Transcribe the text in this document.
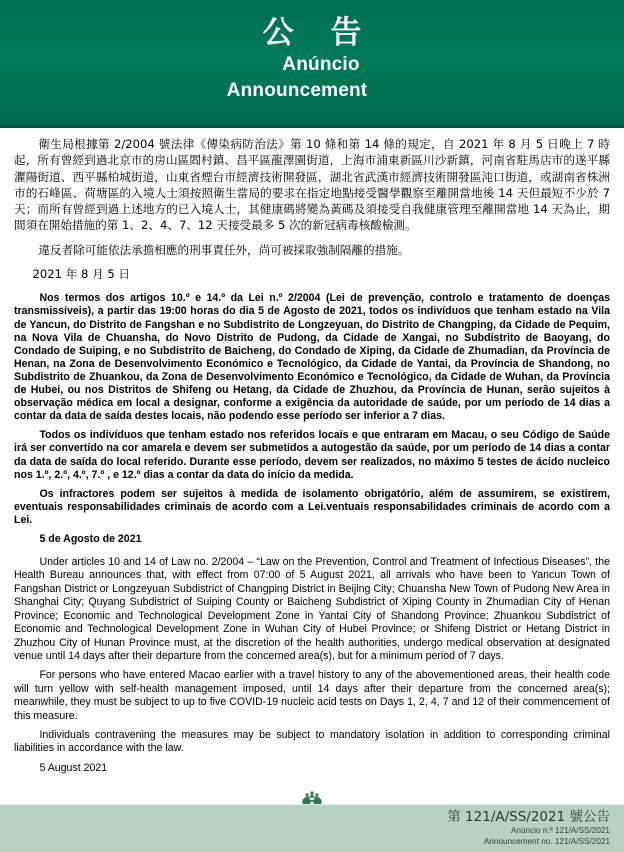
公 告
Anúncio
Announcement

衛生局根據第 2/2004 號法律《傳染病防治法》第 10 條和第 14 條的規定，自 2021 年 8 月 5 日晚上 7 時起，所有曾經到過北京市的房山區閻村鎮、昌平區龍澤園街道，上海市浦東新區川沙新鎮，河南省駐馬店市的遂平縣灈陽街道、西平縣柏城街道，山東省煙台市經濟技術開發區，湖北省武漢市經濟技術開發區沌口街道，或湖南省株洲市的石峰區、荷塘區的入境人士須按照衛生當局的要求在指定地點接受醫學觀察至離開當地後 14 天但最短不少於 7 天；而所有曾經到過上述地方的已入境人士，其健康碼將變為黃碼及須接受自我健康管理至離開當地 14 天為止，期間須在開始措施的第 1、2、4、7、12 天接受最多 5 次的新冠病毒核酸檢測。

違反者除可能依法承擔相應的刑事責任外，尚可被採取強制隔離的措施。

2021 年 8 月 5 日

Nos termos dos artigos 10.º e 14.º da Lei n.º 2/2004 (Lei de prevenção, controlo e tratamento de doenças transmissíveis), a partir das 19:00 horas do dia 5 de Agosto de 2021, todos os indivíduos que tenham estado na Vila de Yancun, do Distrito de Fangshan e no Subdistrito de Longzeyuan, do Distrito de Changping, da Cidade de Pequim, na Nova Vila de Chuansha, do Novo Distrito de Pudong, da Cidade de Xangai, no Subdistrito de Baoyang, do Condado de Suiping, e no Subdistrito de Baicheng, do Condado de Xiping, da Cidade de Zhumadian, da Província de Henan, na Zona de Desenvolvimento Económico e Tecnológico, da Cidade de Yantai, da Província de Shandong, no Subdistrito de Zhuankou, da Zona de Desenvolvimento Económico e Tecnológico, da Cidade de Wuhan, da Província de Hubei, ou nos Distritos de Shifeng ou Hetang, da Cidade de Zhuzhou, da Província de Hunan, serão sujeitos à observação médica em local a designar, conforme a exigência da autoridade de saúde, por um período de 14 dias a contar da data de saída destes locais, não podendo esse período ser inferior a 7 dias.

Todos os indivíduos que tenham estado nos referidos locais e que entraram em Macau, o seu Código de Saúde irá ser convertido na cor amarela e devem ser submetidos a autogestão da saúde, por um período de 14 dias a contar da data de saída do local referido. Durante esse período, devem ser realizados, no máximo 5 testes de ácido nucleico nos 1.º, 2.º, 4.º, 7.º , e 12.º dias a contar da data do início da medida.

Os infractores podem ser sujeitos à medida de isolamento obrigatório, além de assumirem, se existirem, eventuais responsabilidades criminais de acordo com a Lei.ventuais responsabilidades criminais de acordo com a Lei.

5 de Agosto de 2021

Under articles 10 and 14 of Law no. 2/2004 – “Law on the Prevention, Control and Treatment of Infectious Diseases”, the Health Bureau announces that, with effect from 07:00 of 5 August 2021, all arrivals who have been to Yancun Town of Fangshan District or Longzeyuan Subdistrict of Changping District in Beijing City; Chuansha New Town of Pudong New Area in Shanghai City; Quyang Subdistrict of Suiping County or Baicheng Subdistrict of Xiping County in Zhumadian City of Henan Province; Economic and Technological Development Zone in Yantai City of Shandong Province; Zhuankou Subdistrict of Economic and Technological Development Zone in Wuhan City of Hubei Province; or Shifeng District or Hetang District in Zhuzhou City of Hunan Province must, at the discretion of the health authorities, undergo medical observation at designated venue until 14 days after their departure from the concerned area(s), but for a minimum period of 7 days.

For persons who have entered Macao earlier with a travel history to any of the abovementioned areas, their health code will turn yellow with self-health management imposed, until 14 days after their departure from the concerned area(s); meanwhile, they must be subject to up to five COVID-19 nucleic acid tests on Days 1, 2, 4, 7 and 12 of their commencement of this measure.

Individuals contravening the measures may be subject to mandatory isolation in addition to corresponding criminal liabilities in accordance with the law.

5 August 2021

第 121/A/SS/2021 號公告
Anúncio n.º 121/A/SS/2021
Announcement no. 121/A/SS/2021
